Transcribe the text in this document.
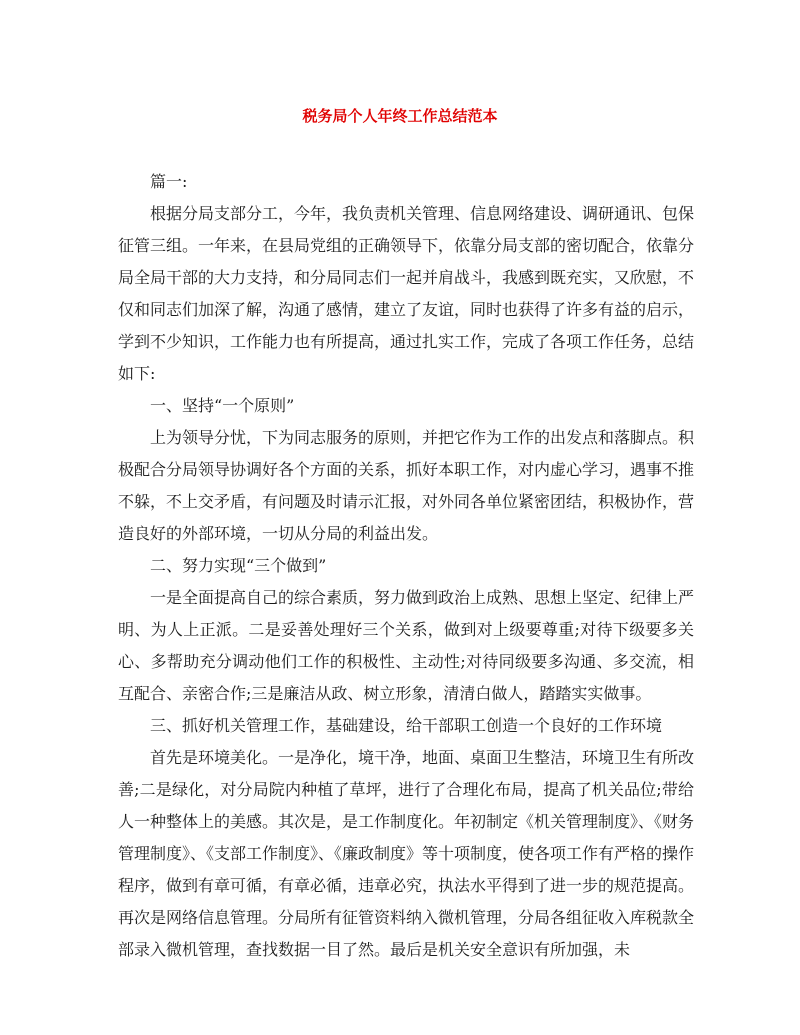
税务局个人年终工作总结范本

篇一:

根据分局支部分工，今年，我负责机关管理、信息网络建设、调研通讯、包保征管三组。一年来，在县局党组的正确领导下，依靠分局支部的密切配合，依靠分局全局干部的大力支持，和分局同志们一起并肩战斗，我感到既充实，又欣慰，不仅和同志们加深了解，沟通了感情，建立了友谊，同时也获得了许多有益的启示，学到不少知识，工作能力也有所提高，通过扎实工作，完成了各项工作任务，总结如下:

一、坚持“一个原则”

上为领导分忧，下为同志服务的原则，并把它作为工作的出发点和落脚点。积极配合分局领导协调好各个方面的关系，抓好本职工作，对内虚心学习，遇事不推不躲，不上交矛盾，有问题及时请示汇报，对外同各单位紧密团结，积极协作，营造良好的外部环境，一切从分局的利益出发。

二、努力实现“三个做到”

一是全面提高自己的综合素质，努力做到政治上成熟、思想上坚定、纪律上严明、为人上正派。二是妥善处理好三个关系，做到对上级要尊重;对待下级要多关心、多帮助充分调动他们工作的积极性、主动性;对待同级要多沟通、多交流，相互配合、亲密合作;三是廉洁从政、树立形象，清清白做人，踏踏实实做事。

三、抓好机关管理工作，基础建设，给干部职工创造一个良好的工作环境

首先是环境美化。一是净化，境干净，地面、桌面卫生整洁，环境卫生有所改善;二是绿化，对分局院内种植了草坪，进行了合理化布局，提高了机关品位;带给人一种整体上的美感。其次是，是工作制度化。年初制定《机关管理制度》、《财务管理制度》、《支部工作制度》、《廉政制度》等十项制度，使各项工作有严格的操作程序，做到有章可循，有章必循，违章必究，执法水平得到了进一步的规范提高。再次是网络信息管理。分局所有征管资料纳入微机管理，分局各组征收入库税款全部录入微机管理，查找数据一目了然。最后是机关安全意识有所加强，未
